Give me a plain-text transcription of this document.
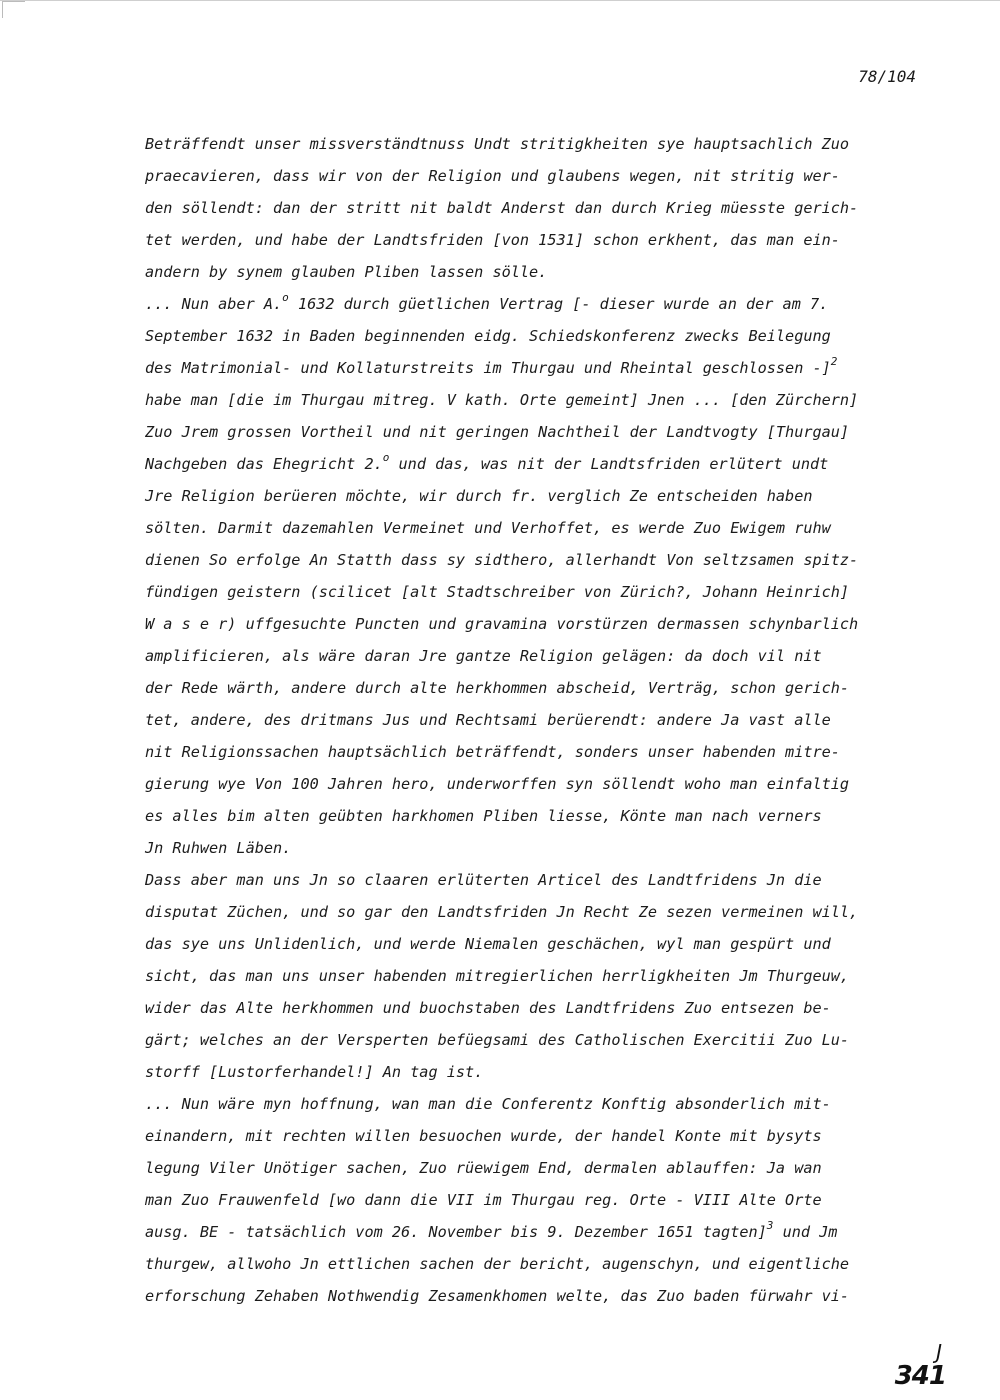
78/104
Beträffendt unser missverständtnuss Undt stritigkheiten sye hauptsachlich Zuo
praecavieren, dass wir von der Religion und glaubens wegen, nit stritig wer-
den söllendt: dan der stritt nit baldt Anderst dan durch Krieg müesste gerich-
tet werden, und habe der Landtsfriden [von 1531] schon erkhent, das man ein-
andern by synem glauben Pliben lassen sölle.
... Nun aber A.$^o$ 1632 durch güetlichen Vertrag [- dieser wurde an der am 7.
September 1632 in Baden beginnenden eidg. Schiedskonferenz zwecks Beilegung
des Matrimonial- und Kollaturstreits im Thurgau und Rheintal geschlossen -]$^2$
habe man [die im Thurgau mitreg. V kath. Orte gemeint] Jnen ... [den Zürchern]
Zuo Jrem grossen Vortheil und nit geringen Nachtheil der Landtvogty [Thurgau]
Nachgeben das Ehegricht 2.$^o$ und das, was nit der Landtsfriden erlütert undt
Jre Religion berüeren möchte, wir durch fr. verglich Ze entscheiden haben
sölten. Darmit dazemahlen Vermeinet und Verhoffet, es werde Zuo Ewigem ruhw
dienen So erfolge An Statth dass sy sidthero, allerhandt Von seltzsamen spitz-
fündigen geistern (scilicet [alt Stadtschreiber von Zürich?, Johann Heinrich]
W a s e r) uffgesuchte Puncten und gravamina vorstürzen dermassen schynbarlich
amplificieren, als wäre daran Jre gantze Religion gelägen: da doch vil nit
der Rede wärth, andere durch alte herkhommen abscheid, Verträg, schon gerich-
tet, andere, des dritmans Jus und Rechtsami berüerendt: andere Ja vast alle
nit Religionssachen hauptsächlich beträffendt, sonders unser habenden mitre-
gierung wye Von 100 Jahren hero, underworffen syn söllendt woho man einfaltig
es alles bim alten geübten harkhomen Pliben liesse, Könte man nach verners
Jn Ruhwen Läben.
Dass aber man uns Jn so claaren erlüterten Articel des Landtfridens Jn die
disputat Züchen, und so gar den Landtsfriden Jn Recht Ze sezen vermeinen will,
das sye uns Unlidenlich, und werde Niemalen geschächen, wyl man gespürt und
sicht, das man uns unser habenden mitregierlichen herrligkheiten Jm Thurgeuw,
wider das Alte herkhommen und buochstaben des Landtfridens Zuo entsezen be-
gärt; welches an der Versperten befüegsami des Catholischen Exercitii Zuo Lu-
storff [Lustorferhandel!] An tag ist.
... Nun wäre myn hoffnung, wan man die Conferentz Konftig absonderlich mit-
einandern, mit rechten willen besuochen wurde, der handel Konte mit bysyts
legung Viler Unötiger sachen, Zuo rüewigem End, dermalen ablauffen: Ja wan
man Zuo Frauwenfeld [wo dann die VII im Thurgau reg. Orte - VIII Alte Orte
ausg. BE - tatsächlich vom 26. November bis 9. Dezember 1651 tagten]$^3$ und Jm
thurgew, allwoho Jn ettlichen sachen der bericht, augenschyn, und eigentliche
erforschung Zehaben Nothwendig Zesamenkhomen welte, das Zuo baden fürwahr vi-
J
341
